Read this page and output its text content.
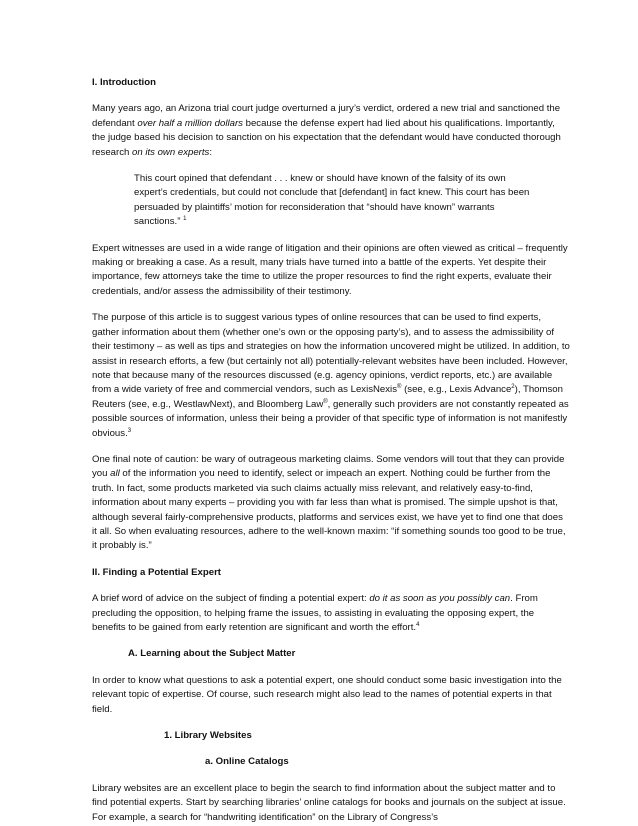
I. Introduction

Many years ago, an Arizona trial court judge overturned a jury’s verdict, ordered a new trial and sanctioned the defendant over half a million dollars because the defense expert had lied about his qualifications. Importantly, the judge based his decision to sanction on his expectation that the defendant would have conducted thorough research on its own experts:

This court opined that defendant . . . knew or should have known of the falsity of its own expert’s credentials, but could not conclude that [defendant] in fact knew. This court has been persuaded by plaintiffs’ motion for reconsideration that “should have known” warrants sanctions.” $^1$

Expert witnesses are used in a wide range of litigation and their opinions are often viewed as critical – frequently making or breaking a case. As a result, many trials have turned into a battle of the experts. Yet despite their importance, few attorneys take the time to utilize the proper resources to find the right experts, evaluate their credentials, and/or assess the admissibility of their testimony.

The purpose of this article is to suggest various types of online resources that can be used to find experts, gather information about them (whether one’s own or the opposing party’s), and to assess the admissibility of their testimony – as well as tips and strategies on how the information uncovered might be utilized. In addition, to assist in research efforts, a few (but certainly not all) potentially-relevant websites have been included. However, note that because many of the resources discussed (e.g. agency opinions, verdict reports, etc.) are available from a wide variety of free and commercial vendors, such as LexisNexis® (see, e.g., Lexis Advance$^2$), Thomson Reuters (see, e.g., WestlawNext), and Bloomberg Law®, generally such providers are not constantly repeated as possible sources of information, unless their being a provider of that specific type of information is not manifestly obvious.$^3$

One final note of caution: be wary of outrageous marketing claims. Some vendors will tout that they can provide you all of the information you need to identify, select or impeach an expert. Nothing could be further from the truth. In fact, some products marketed via such claims actually miss relevant, and relatively easy-to-find, information about many experts – providing you with far less than what is promised. The simple upshot is that, although several fairly-comprehensive products, platforms and services exist, we have yet to find one that does it all. So when evaluating resources, adhere to the well-known maxim: “if something sounds too good to be true, it probably is.”

II. Finding a Potential Expert

A brief word of advice on the subject of finding a potential expert: do it as soon as you possibly can. From precluding the opposition, to helping frame the issues, to assisting in evaluating the opposing expert, the benefits to be gained from early retention are significant and worth the effort.$^4$

A. Learning about the Subject Matter

In order to know what questions to ask a potential expert, one should conduct some basic investigation into the relevant topic of expertise. Of course, such research might also lead to the names of potential experts in that field.

1. Library Websites
a. Online Catalogs

Library websites are an excellent place to begin the search to find information about the subject matter and to find potential experts. Start by searching libraries’ online catalogs for books and journals on the subject at issue. For example, a search for “handwriting identification” on the Library of Congress’s
